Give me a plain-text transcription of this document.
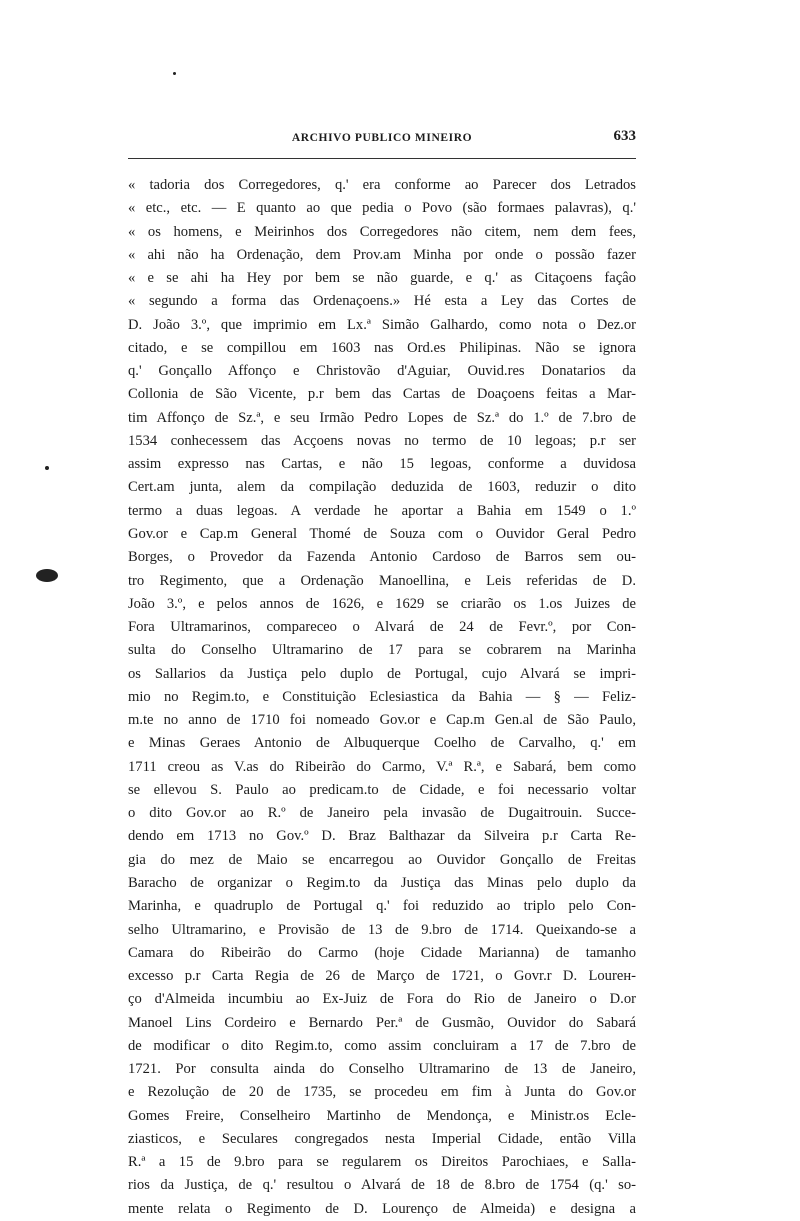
ARCHIVO PUBLICO MINEIRO	633
« tadoria dos Corregedores, q.' era conforme ao Parecer dos Letrados
« etc., etc. — E quanto ao que pedia o Povo (são formaes palavras), q.'
« os homens, e Meirinhos dos Corregedores não citem, nem dem fees,
« ahi não ha Ordenação, dem Prov.am Minha por onde o possão fazer
« e se ahi ha Hey por bem se não guarde, e q.' as Citaçoens façâo
« segundo a forma das Ordenaçoens.» Hé esta a Ley das Cortes de
D. João 3.º, que imprimio em Lx.ª Simão Galhardo, como nota o Dez.or
citado, e se compillou em 1603 nas Ord.es Philipinas. Não se ignora
q.' Gonçallo Affonço e Christovão d'Aguiar, Ouvid.res Donatarios da
Collonia de São Vicente, p.r bem das Cartas de Doaçoens feitas a Mar-
tim Affonço de Sz.ª, e seu Irmão Pedro Lopes de Sz.ª do 1.º de 7.bro de
1534 conhecessem das Acçoens novas no termo de 10 legoas; p.r ser
assim expresso nas Cartas, e não 15 legoas, conforme a duvidosa
Cert.am junta, alem da compilação deduzida de 1603, reduzir o dito
termo a duas legoas. A verdade he aportar a Bahia em 1549 o 1.º
Gov.or e Cap.m General Thomé de Souza com o Ouvidor Geral Pedro
Borges, o Provedor da Fazenda Antonio Cardoso de Barros sem ou-
tro Regimento, que a Ordenação Manoellina, e Leis referidas de D.
João 3.º, e pelos annos de 1626, e 1629 se criarão os 1.os Juizes de
Fora Ultramarinos, compareceo o Alvará de 24 de Fevr.º, por Con-
sulta do Conselho Ultramarino de 17 para se cobrarem na Marinha
os Sallarios da Justiça pelo duplo de Portugal, cujo Alvará se impri-
mio no Regim.to, e Constituição Eclesiastica da Bahia — § — Feliz-
m.te no anno de 1710 foi nomeado Gov.or e Cap.m Gen.al de São Paulo,
e Minas Geraes Antonio de Albuquerque Coelho de Carvalho, q.' em
1711 creou as V.as do Ribeirão do Carmo, V.ª R.ª, e Sabará, bem como
se ellevou S. Paulo ao predicam.to de Cidade, e foi necessario voltar
o dito Gov.or ao R.º de Janeiro pela invasão de Dugaitrouin. Succe-
dendo em 1713 no Gov.º D. Braz Balthazar da Silveira p.r Carta Re-
gia do mez de Maio se encarregou ao Ouvidor Gonçallo de Freitas
Baracho de organizar o Regim.to da Justiça das Minas pelo duplo da
Marinha, e quadruplo de Portugal q.' foi reduzido ao triplo pelo Con-
selho Ultramarino, e Provisão de 13 de 9.bro de 1714. Queixando-se a
Camara do Ribeirão do Carmo (hoje Cidade Marianna) de tamanho
excesso p.r Carta Regia de 26 de Março de 1721, o Govr.r D. Lourен-
ço d'Almeida incumbiu ao Ex-Juiz de Fora do Rio de Janeiro o D.or
Manoel Lins Cordeiro e Bernardo Per.ª de Gusmão, Ouvidor do Sabará
de modificar o dito Regim.to, como assim concluiram a 17 de 7.bro de
1721. Por consulta ainda do Conselho Ultramarino de 13 de Janeiro,
e Rezolução de 20 de 1735, se procedeu em fim à Junta do Gov.or
Gomes Freire, Conselheiro Martinho de Mendonça, e Ministr.os Ecle-
ziasticos, e Seculares congregados nesta Imperial Cidade, então Villa
R.ª a 15 de 9.bro para se regularem os Direitos Parochiaes, e Salla-
rios da Justiça, de q.' resultou o Alvará de 18 de 8.bro de 1754 (q.' so-
mente relata o Regimento de D. Lourenço de Almeida) e designa a
